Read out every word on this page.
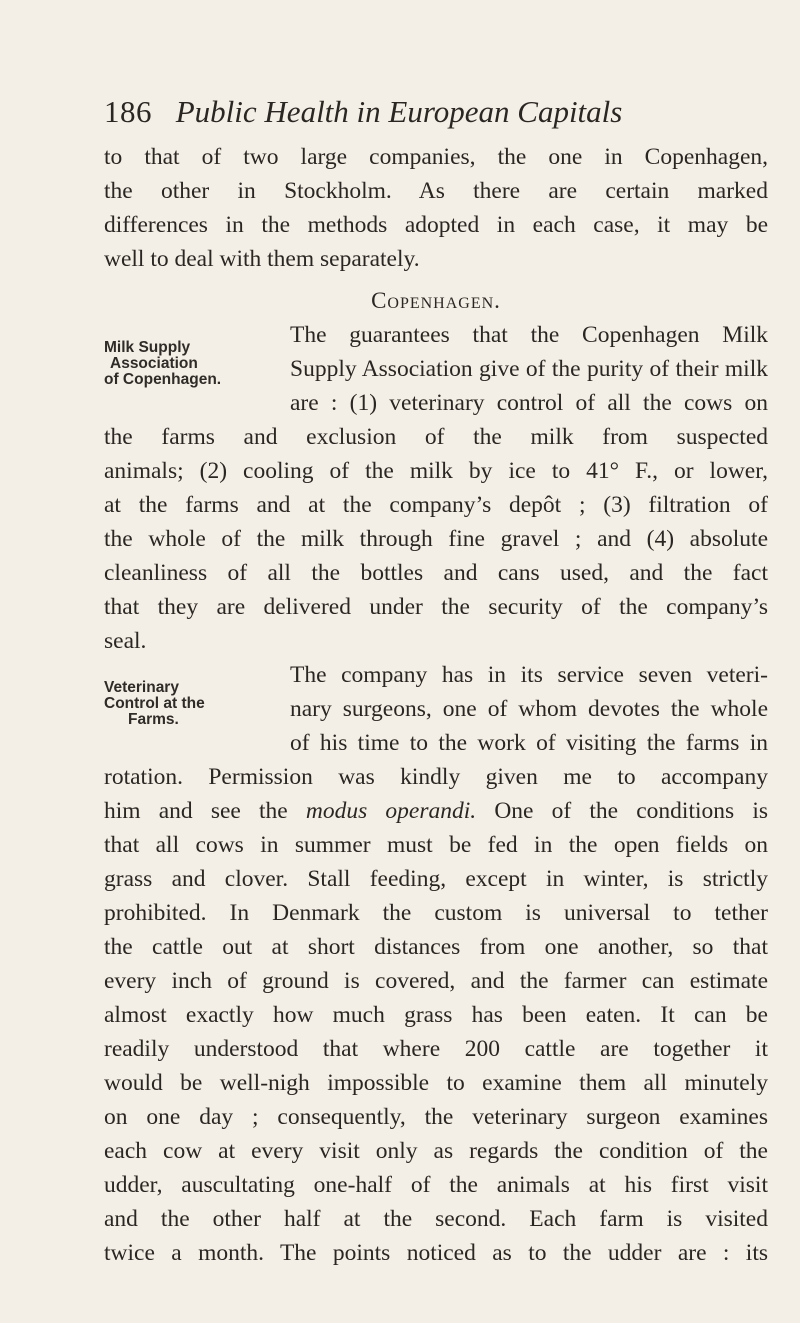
186 Public Health in European Capitals
to that of two large companies, the one in Copenhagen,
the other in Stockholm. As there are certain marked
differences in the methods adopted in each case, it may be
well to deal with them separately.
Copenhagen.
Milk Supply
Association
of Copenhagen.
The guarantees that the Copenhagen Milk
Supply Association give of the purity of their milk
are : (1) veterinary control of all the cows on
the farms and exclusion of the milk from suspected
animals; (2) cooling of the milk by ice to 41° F., or lower,
at the farms and at the company’s depôt ; (3) filtration of
the whole of the milk through fine gravel ; and (4) absolute
cleanliness of all the bottles and cans used, and the fact
that they are delivered under the security of the company’s
seal.
Veterinary
Control at the
Farms.
The company has in its service seven veteri-
nary surgeons, one of whom devotes the whole
of his time to the work of visiting the farms in
rotation. Permission was kindly given me to accompany
him and see the modus operandi. One of the conditions is
that all cows in summer must be fed in the open fields on
grass and clover. Stall feeding, except in winter, is strictly
prohibited. In Denmark the custom is universal to tether
the cattle out at short distances from one another, so that
every inch of ground is covered, and the farmer can estimate
almost exactly how much grass has been eaten. It can be
readily understood that where 200 cattle are together it
would be well-nigh impossible to examine them all minutely
on one day ; consequently, the veterinary surgeon examines
each cow at every visit only as regards the condition of the
udder, auscultating one-half of the animals at his first visit
and the other half at the second. Each farm is visited
twice a month. The points noticed as to the udder are : its
